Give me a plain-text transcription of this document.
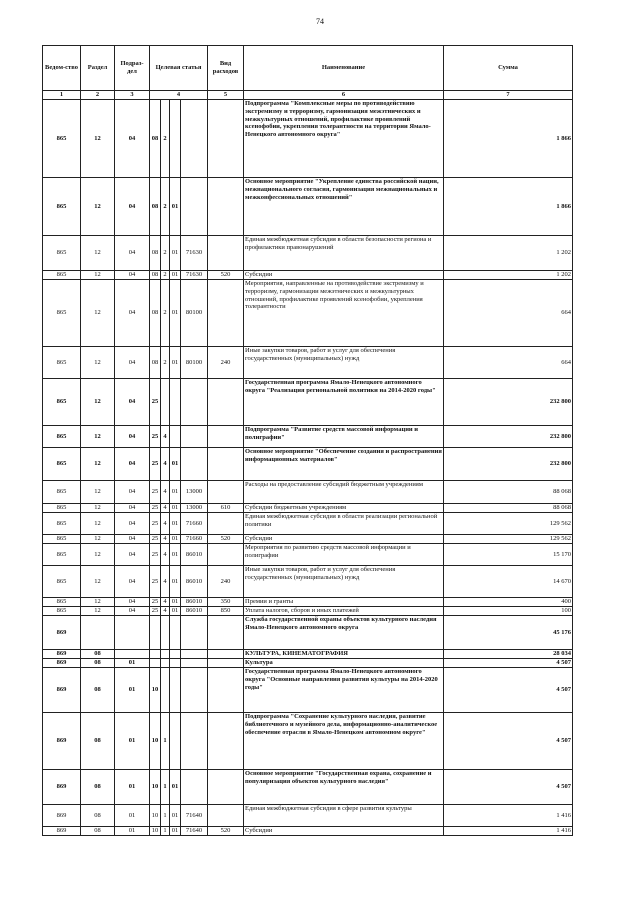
74
Ведом-ство	Раздел	Подраз-дел	Целевая статья				Вид расходов	Наименование	Сумма
1	2	3	4				5	6	7
865	12	04	08	2				Подпрограмма "Комплексные меры по противодействию экстремизму и терроризму, гармонизация межэтнических и межкультурных отношений, профилактике проявлений ксенофобии, укрепления толерантности на территории Ямало-Ненецкого автономного округа"	1 866
865	12	04	08	2	01			Основное мероприятие "Укрепление единства российской нации, межнационального согласия, гармонизация межнациональных и межконфессиональных отношений"	1 866
865	12	04	08	2	01	71630		Единая межбюджетная субсидия в области безопасности региона и профилактики правонарушений	1 202
865	12	04	08	2	01	71630	520	Субсидии	1 202
865	12	04	08	2	01	80100		Мероприятия, направленные на противодействие экстремизму и терроризму, гармонизации межэтнических и межкультурных отношений, профилактике проявлений ксенофобии, укрепления толерантности	664
865	12	04	08	2	01	80100	240	Иные закупки товаров, работ и услуг для обеспечения государственных (муниципальных) нужд	664
865	12	04	25					Государственная программа Ямало-Ненецкого автономного округа "Реализация региональной политики на 2014-2020 годы"	232 800
865	12	04	25	4				Подпрограмма "Развитие средств массовой информации и полиграфии"	232 800
865	12	04	25	4	01			Основное мероприятие "Обеспечение создания и распространения информационных материалов"	232 800
865	12	04	25	4	01	13000		Расходы на предоставление субсидий бюджетным учреждениям	88 068
865	12	04	25	4	01	13000	610	Субсидии бюджетным учреждениям	88 068
865	12	04	25	4	01	71660		Единая межбюджетная субсидия в области реализации региональной политики	129 562
865	12	04	25	4	01	71660	520	Субсидии	129 562
865	12	04	25	4	01	86010		Мероприятия по развитию средств массовой информации и полиграфии	15 170
865	12	04	25	4	01	86010	240	Иные закупки товаров, работ и услуг для обеспечения государственных (муниципальных) нужд	14 670
865	12	04	25	4	01	86010	350	Премии и гранты	400
865	12	04	25	4	01	86010	850	Уплата налогов, сборов и иных платежей	100
869								Служба государственной охраны объектов культурного наследия Ямало-Ненецкого автономного округа	45 176
869	08							КУЛЬТУРА, КИНЕМАТОГРАФИЯ	28 034
869	08	01						Культура	4 507
869	08	01	10					Государственная программа Ямало-Ненецкого автономного округа "Основные направления развития культуры на 2014-2020 годы"	4 507
869	08	01	10	1				Подпрограмма "Сохранение культурного наследия, развитие библиотечного и музейного дела, информационно-аналитическое обеспечение отрасли в Ямало-Ненецком автономном округе"	4 507
869	08	01	10	1	01			Основное мероприятие "Государственная охрана, сохранение и популяризация объектов культурного наследия"	4 507
869	08	01	10	1	01	71640		Единая межбюджетная субсидия в сфере развития культуры	1 416
869	08	01	10	1	01	71640	520	Субсидии	1 416
